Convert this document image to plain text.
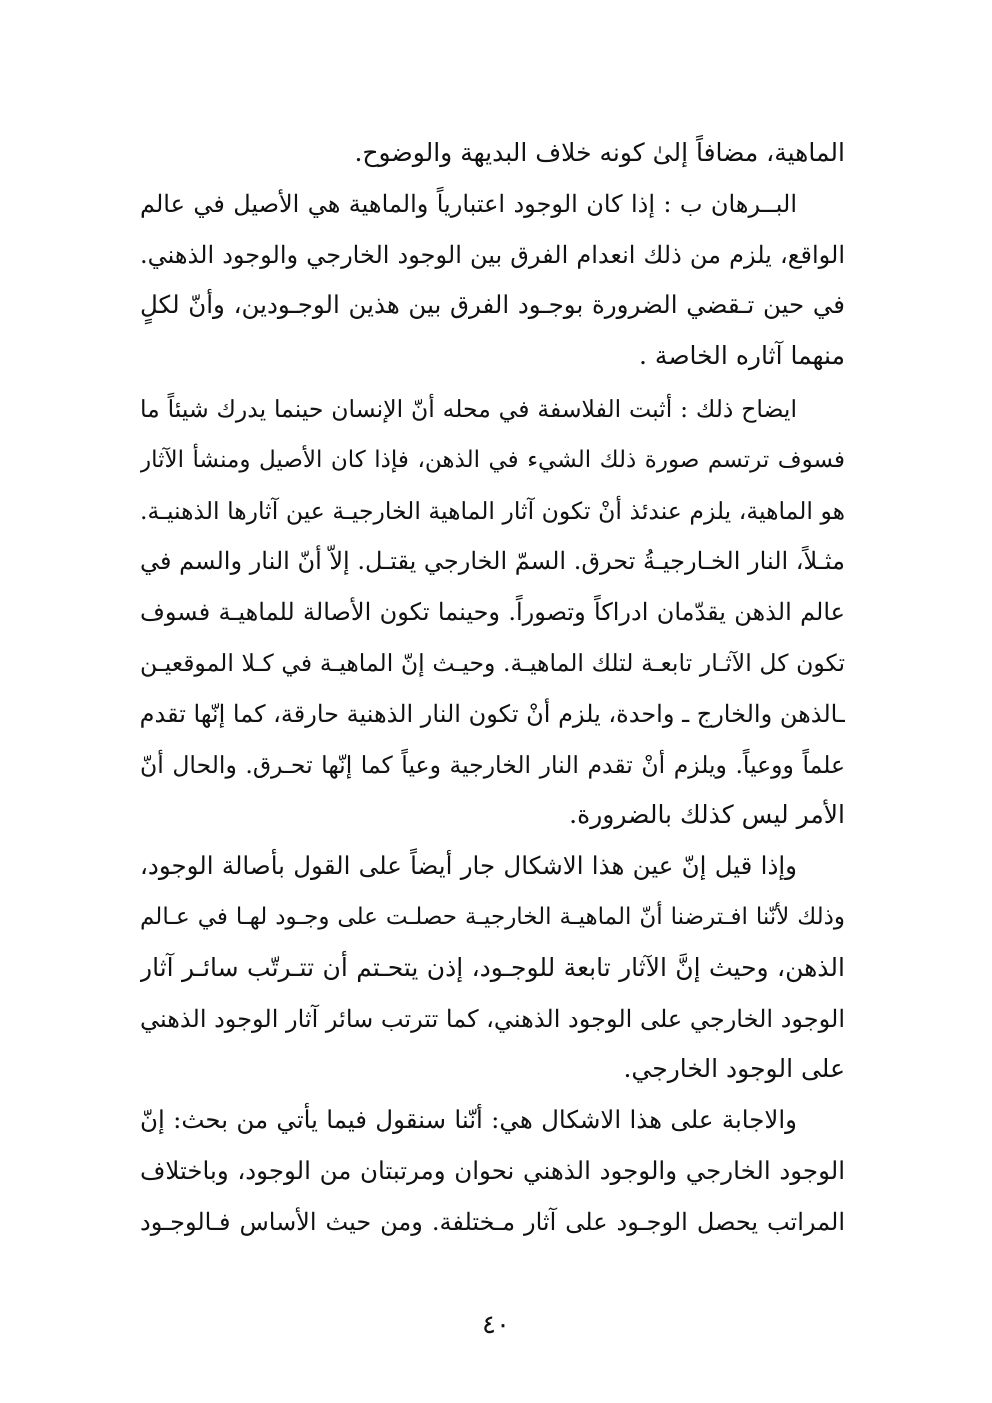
الماهية، مضافاً إلىٰ كونه خلاف البديهة والوضوح.
البــرهان ب : إذا كان الوجود اعتبارياً والماهية هي الأصيل في عالم
الواقع، يلزم من ذلك انعدام الفرق بين الوجود الخارجي والوجود الذهني.
في حين تـقضي الضرورة بوجـود الفرق بين هذين الوجـودين، وأنّ لكلٍ
منهما آثاره الخاصة .
ايضاح ذلك : أثبت الفلاسفة في محله أنّ الإنسان حينما يدرك شيئاً ما
فسوف ترتسم صورة ذلك الشيء في الذهن، فإذا كان الأصيل ومنشأ الآثار
هو الماهية، يلزم عندئذ أنْ تكون آثار الماهية الخارجيـة عين آثارها الذهنيـة.
مثـلاً، النار الخـارجيـةُ تحرق. السمّ الخارجي يقتـل. إلاّ أنّ النار والسم في
عالم الذهن يقدّمان ادراكاً وتصوراً. وحينما تكون الأصالة للماهيـة فسوف
تكون كل الآثـار تابعـة لتلك الماهيـة. وحيـث إنّ الماهيـة في كـلا الموقعيـن
ـالذهن والخارج ـ واحدة، يلزم أنْ تكون النار الذهنية حارقة، كما إنّها تقدم
علماً ووعياً. ويلزم أنْ تقدم النار الخارجية وعياً كما إنّها تحـرق. والحال أنّ
الأمر ليس كذلك بالضرورة.
وإذا قيل إنّ عين هذا الاشكال جار أيضاً على القول بأصالة الوجود،
وذلك لأنّنا افـترضنا أنّ الماهيـة الخارجيـة حصلـت على وجـود لهـا في عـالم
الذهن، وحيث إنَّ الآثار تابعة للوجـود، إذن يتحـتم أن تتـرتّب سائـر آثار
الوجود الخارجي على الوجود الذهني، كما تترتب سائر آثار الوجود الذهني
على الوجود الخارجي.
والاجابة على هذا الاشكال هي: أنّنا سنقول فيما يأتي من بحث: إنّ
الوجود الخارجي والوجود الذهني نحوان ومرتبتان من الوجود، وباختلاف
المراتب يحصل الوجـود على آثار مـختلفة. ومن حيث الأساس فـالوجـود
٤٠
